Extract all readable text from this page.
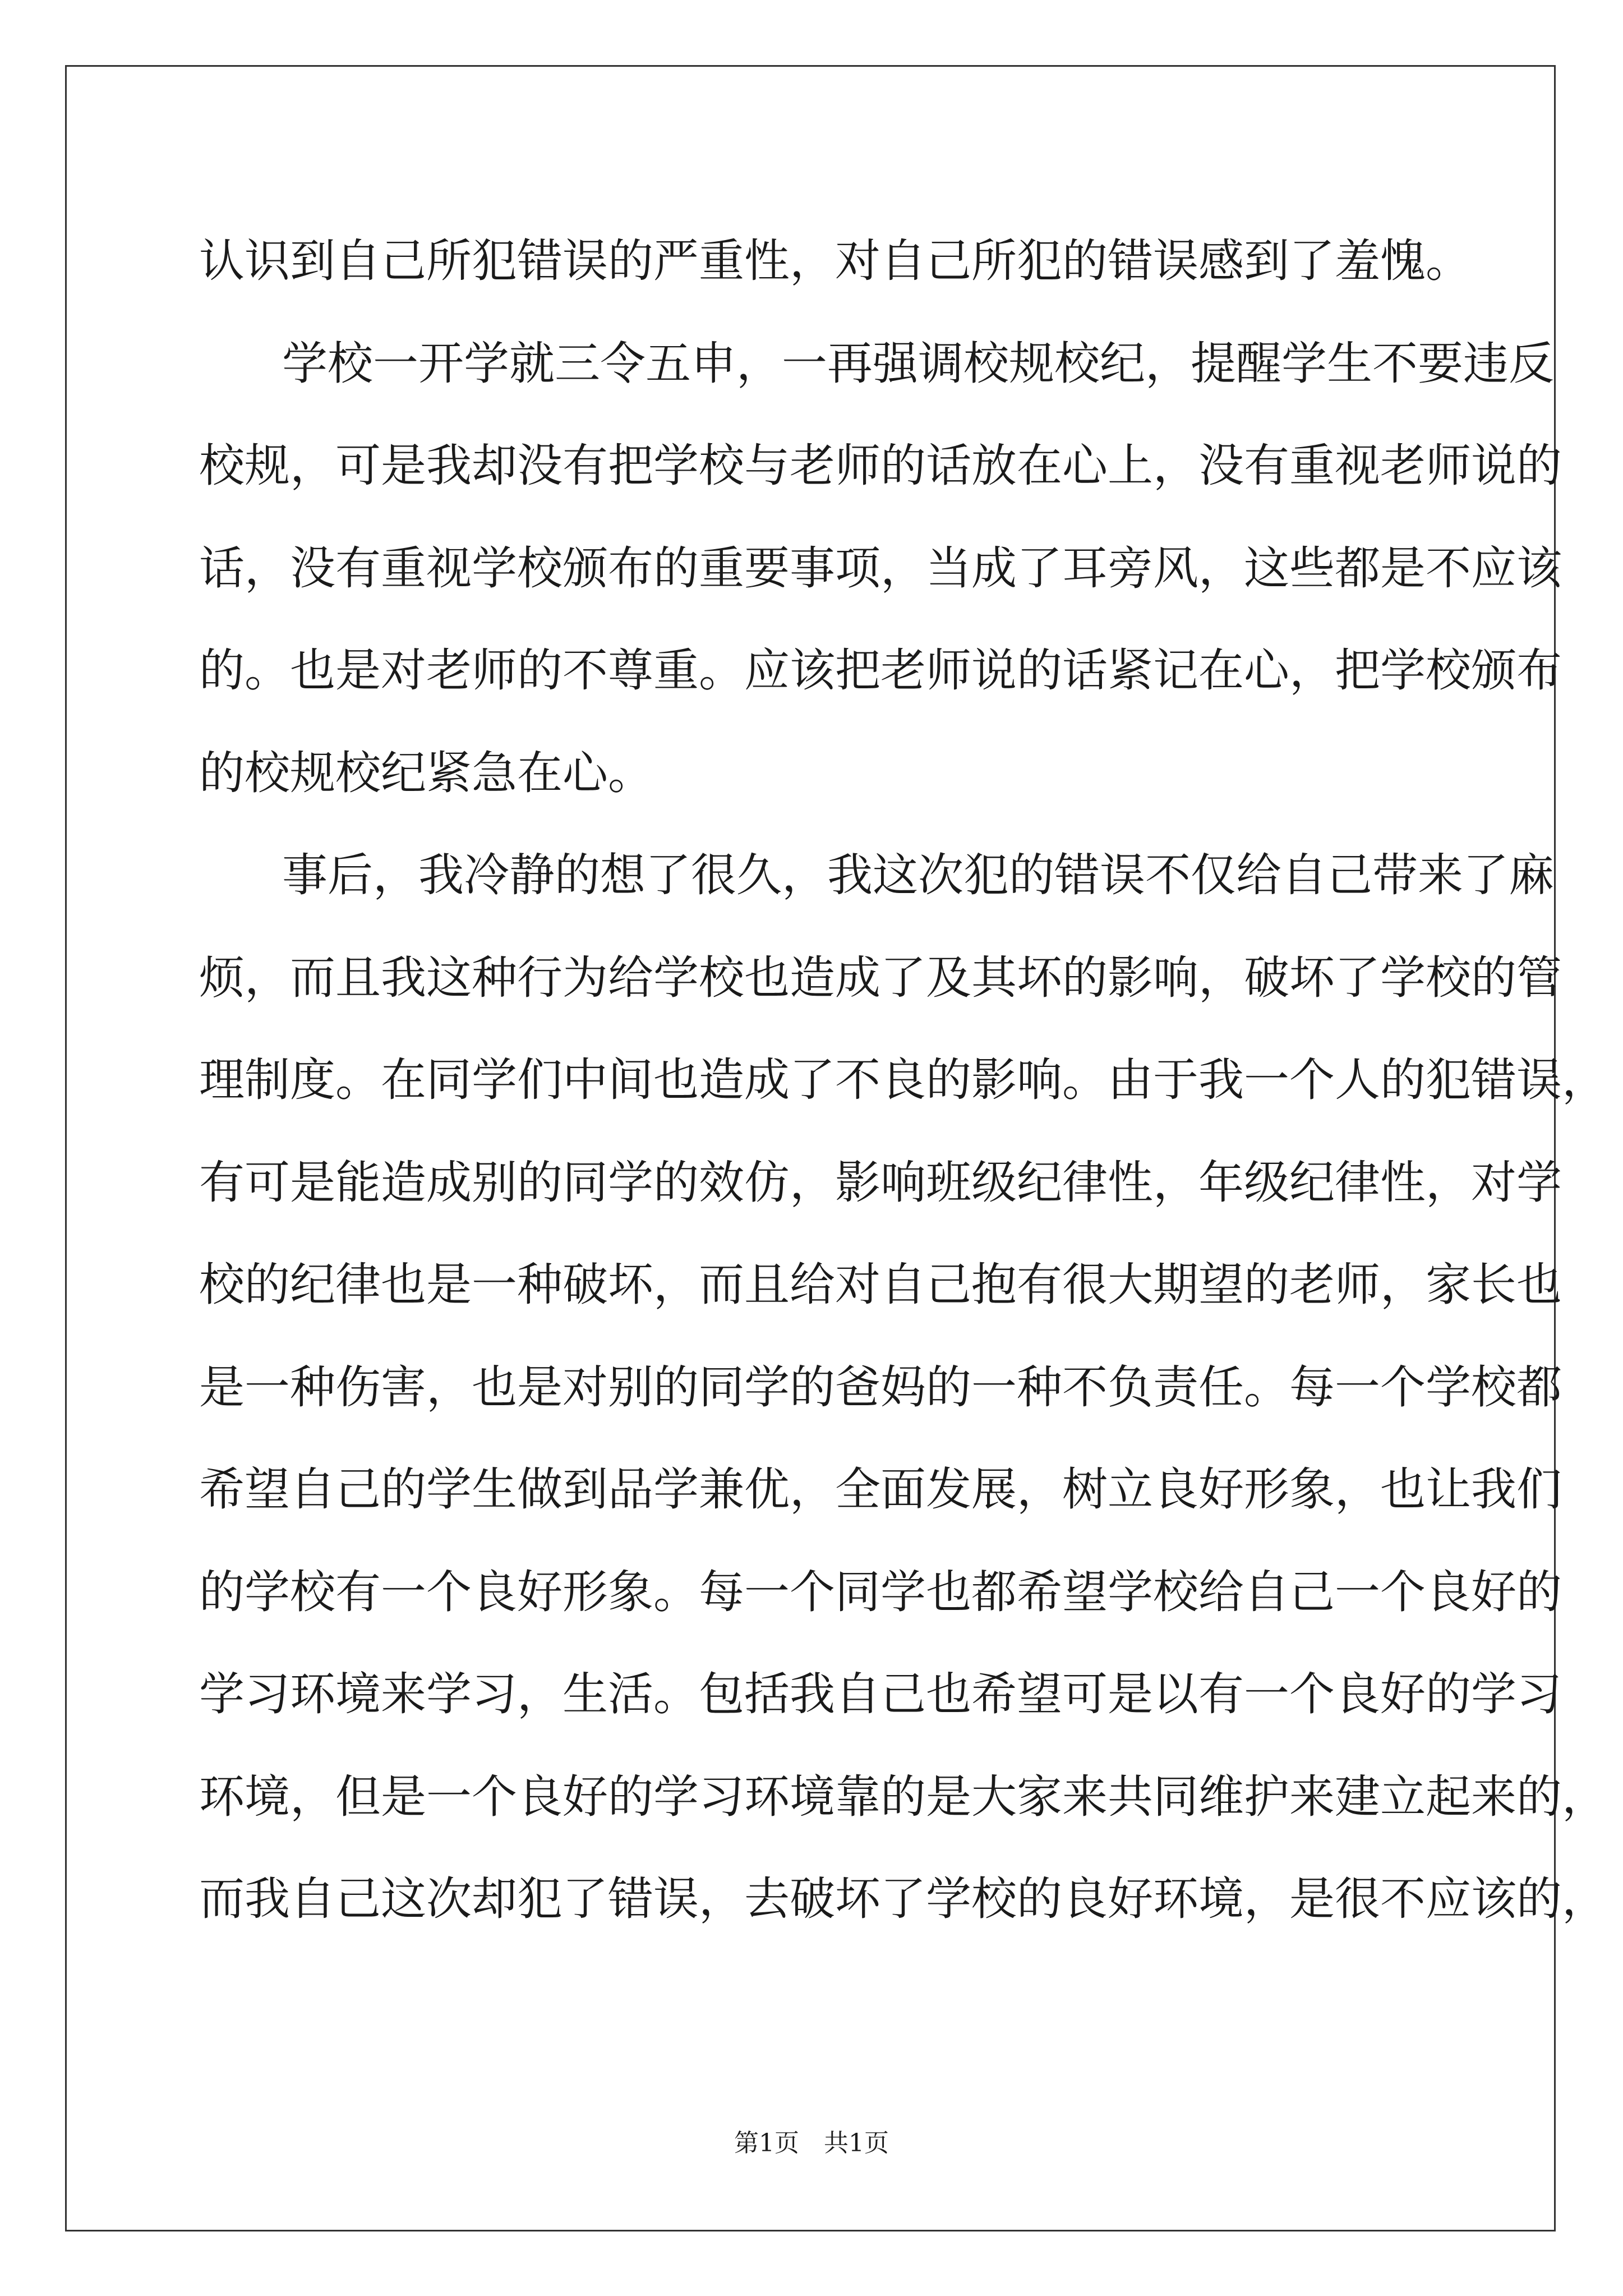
认识到自己所犯错误的严重性，对自己所犯的错误感到了羞愧。
学校一开学就三令五申，一再强调校规校纪，提醒学生不要违反
校规，可是我却没有把学校与老师的话放在心上，没有重视老师说的
话，没有重视学校颁布的重要事项，当成了耳旁风，这些都是不应该
的。也是对老师的不尊重。应该把老师说的话紧记在心，把学校颁布
的校规校纪紧急在心。
事后，我冷静的想了很久，我这次犯的错误不仅给自己带来了麻
烦，而且我这种行为给学校也造成了及其坏的影响，破坏了学校的管
理制度。在同学们中间也造成了不良的影响。由于我一个人的犯错误，
有可是能造成别的同学的效仿，影响班级纪律性，年级纪律性，对学
校的纪律也是一种破坏，而且给对自己抱有很大期望的老师，家长也
是一种伤害，也是对别的同学的爸妈的一种不负责任。每一个学校都
希望自己的学生做到品学兼优，全面发展，树立良好形象，也让我们
的学校有一个良好形象。每一个同学也都希望学校给自己一个良好的
学习环境来学习，生活。包括我自己也希望可是以有一个良好的学习
环境，但是一个良好的学习环境靠的是大家来共同维护来建立起来的，
而我自己这次却犯了错误，去破坏了学校的良好环境，是很不应该的，
第1页 共1页
